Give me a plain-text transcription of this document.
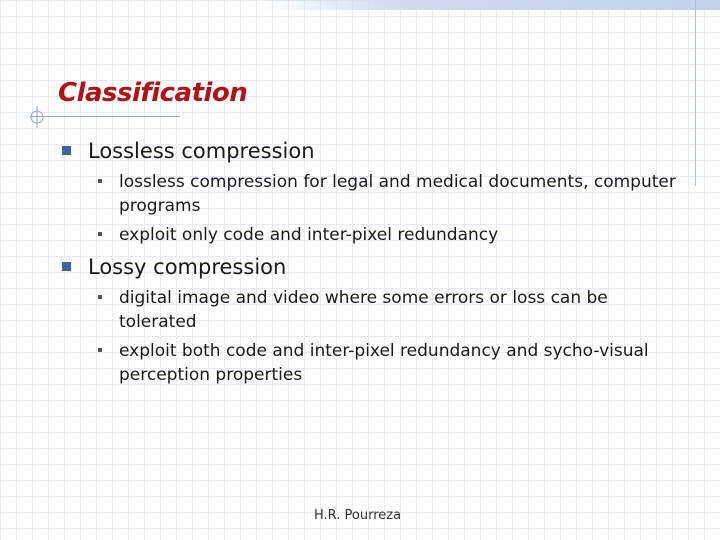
Classification
Lossless compression
lossless compression for legal and medical documents, computer programs
exploit only code and inter-pixel redundancy
Lossy compression
digital image and video where some errors or loss can be tolerated
exploit both code and inter-pixel redundancy and sycho-visual perception properties
H.R. Pourreza
